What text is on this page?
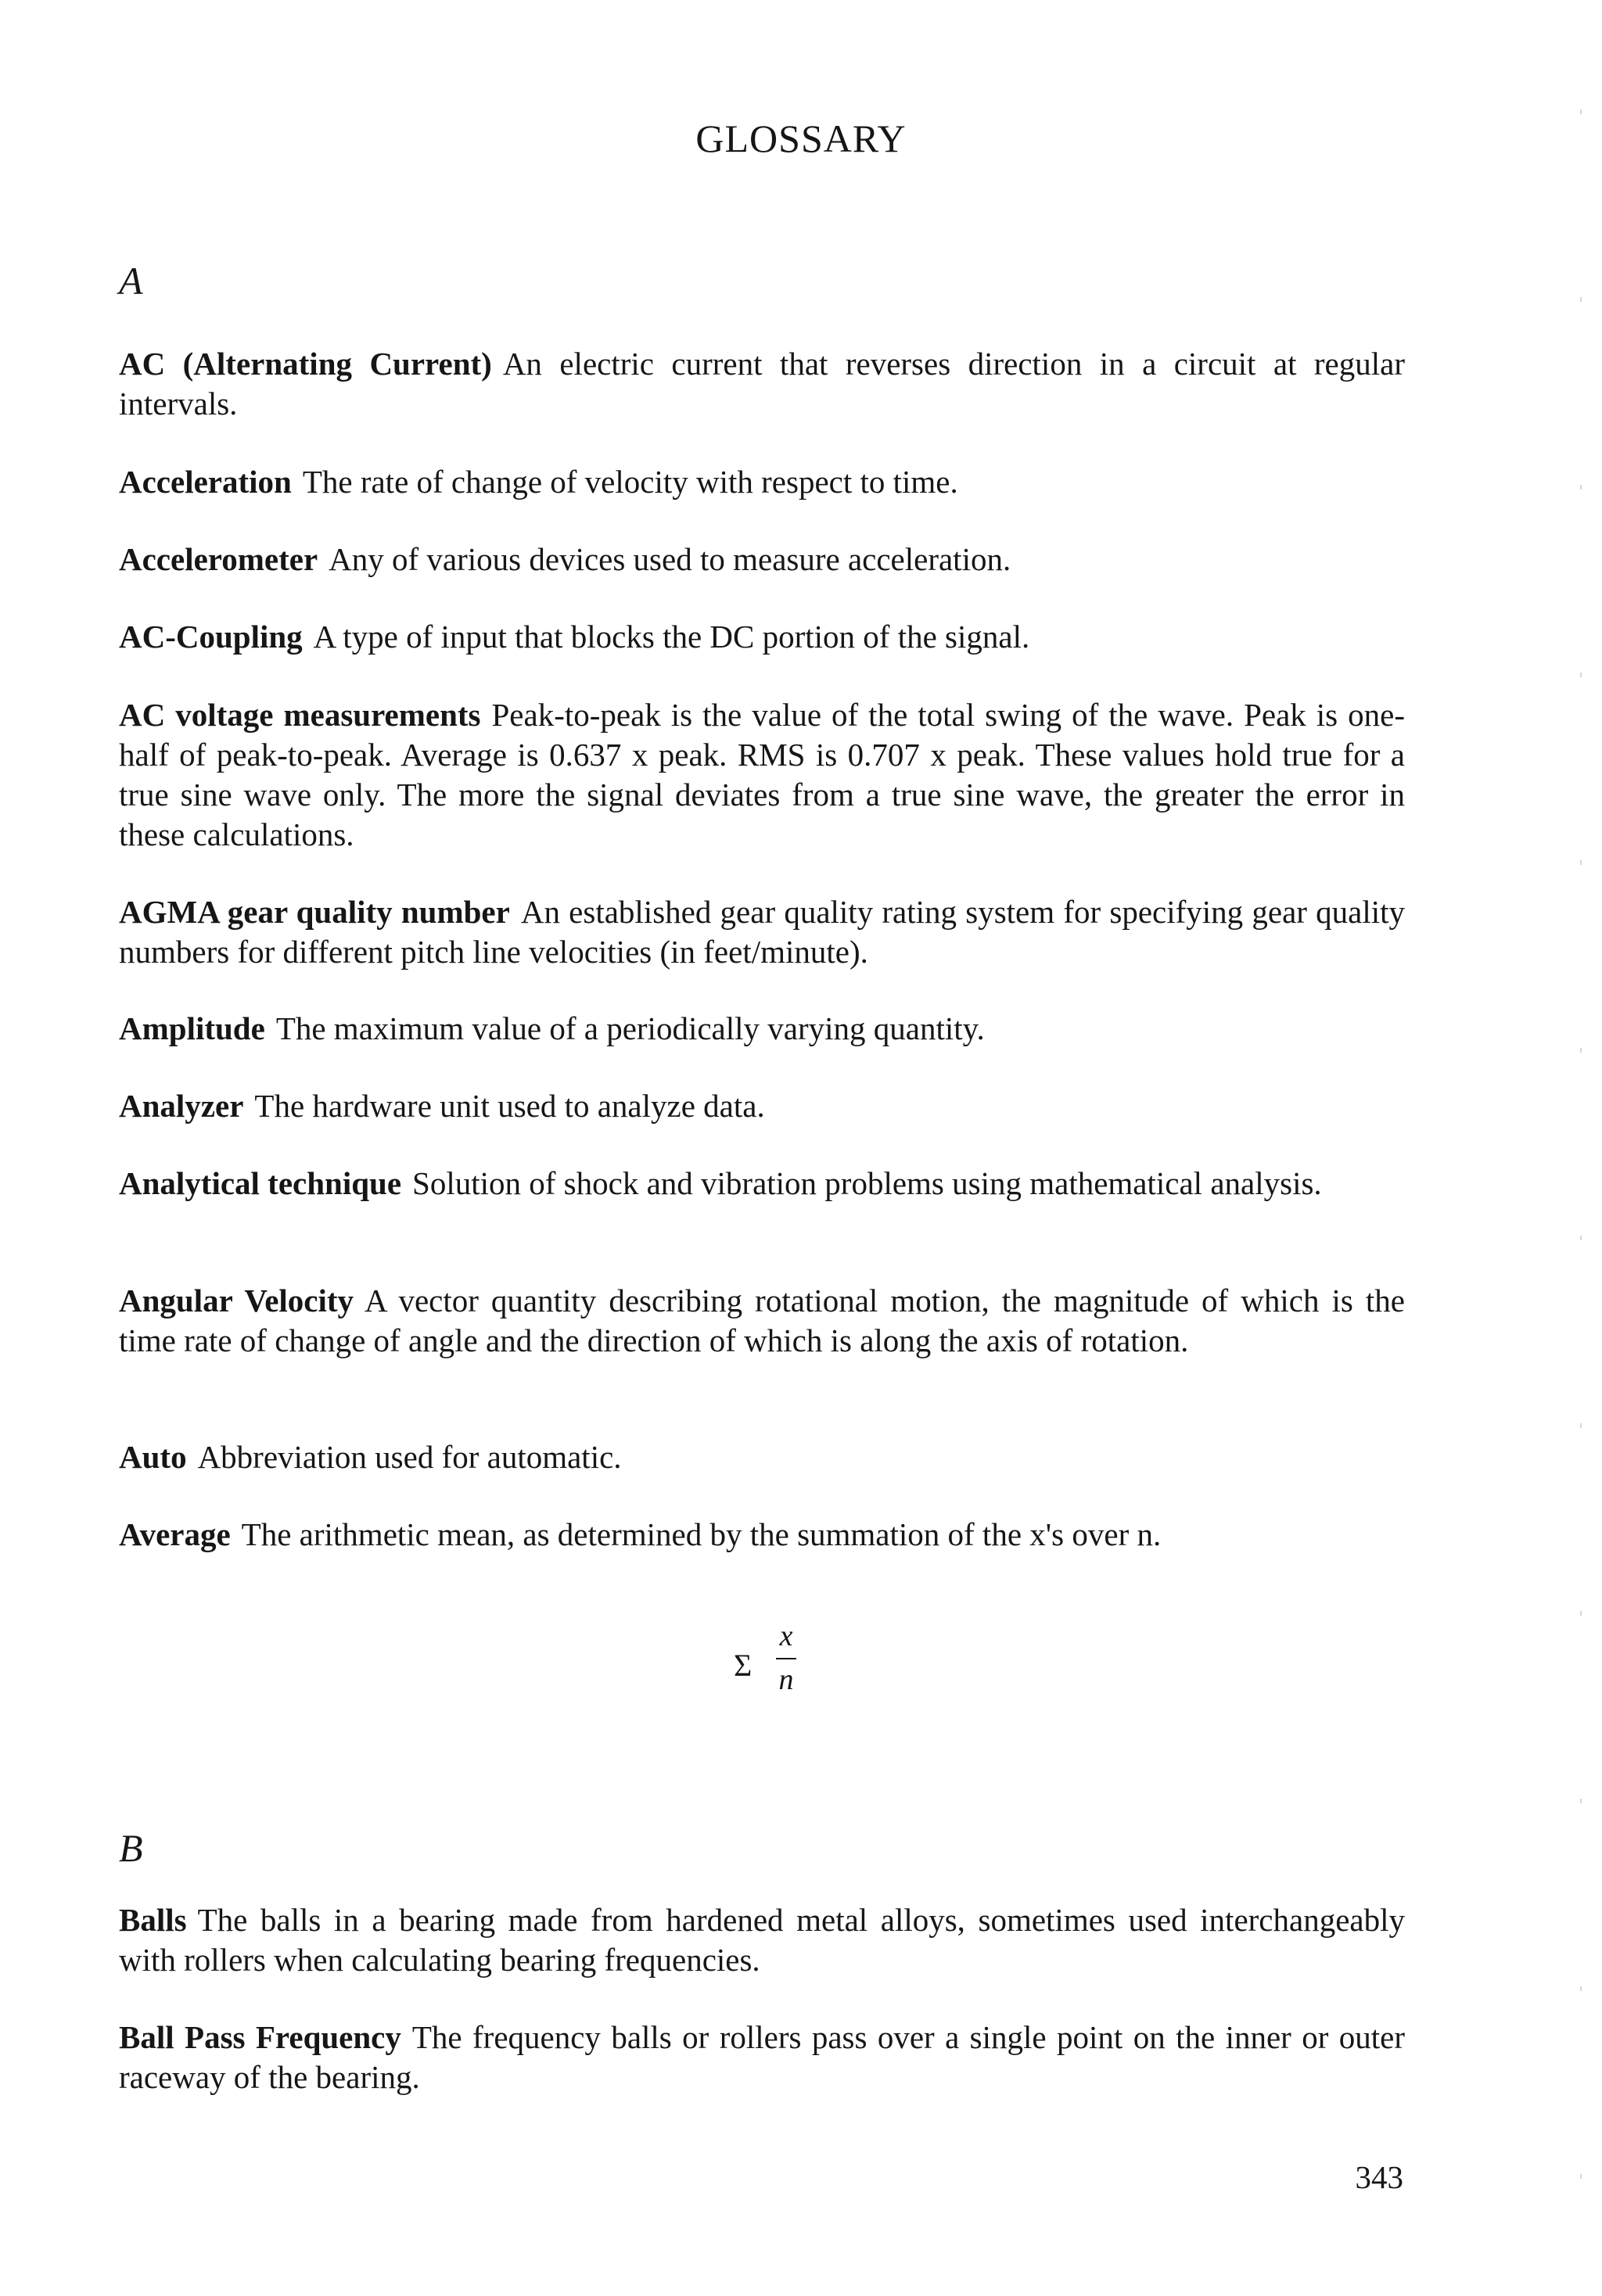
GLOSSARY
A
AC (Alternating Current) An electric current that reverses direction in a circuit at regular intervals.
Acceleration The rate of change of velocity with respect to time.
Accelerometer Any of various devices used to measure acceleration.
AC-Coupling A type of input that blocks the DC portion of the signal.
AC voltage measurements Peak-to-peak is the value of the total swing of the wave. Peak is one-half of peak-to-peak. Average is 0.637 x peak. RMS is 0.707 x peak. These values hold true for a true sine wave only. The more the signal deviates from a true sine wave, the greater the error in these calculations.
AGMA gear quality number An established gear quality rating system for specifying gear quality numbers for different pitch line velocities (in feet/minute).
Amplitude The maximum value of a periodically varying quantity.
Analyzer The hardware unit used to analyze data.
Analytical technique Solution of shock and vibration problems using mathematical analysis.
Angular Velocity A vector quantity describing rotational motion, the magnitude of which is the time rate of change of angle and the direction of which is along the axis of rotation.
Auto Abbreviation used for automatic.
Average The arithmetic mean, as determined by the summation of the x's over n.
Σ
x
n
B
Balls The balls in a bearing made from hardened metal alloys, sometimes used interchangeably with rollers when calculating bearing frequencies.
Ball Pass Frequency The frequency balls or rollers pass over a single point on the inner or outer raceway of the bearing.
343
